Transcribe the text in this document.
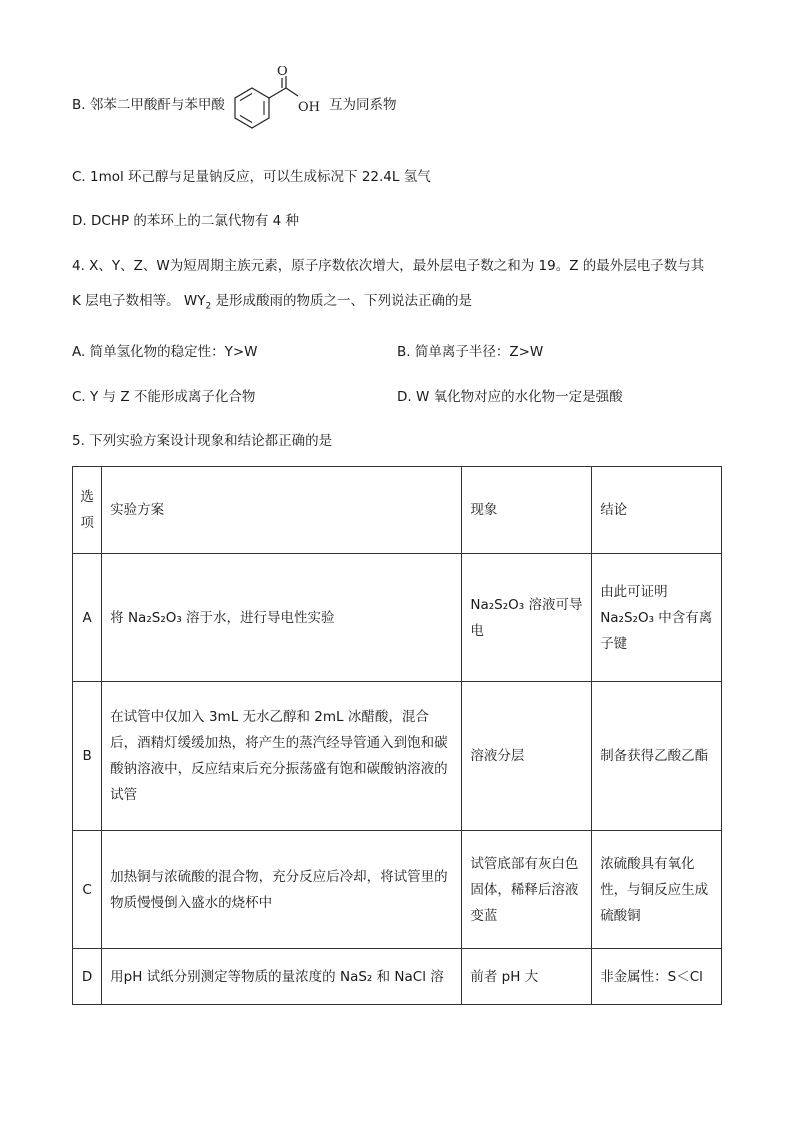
B. 邻苯二甲酸酐与苯甲酸
O
OH 互为同系物
C. 1mol 环己醇与足量钠反应，可以生成标况下 22.4L 氢气
D. DCHP 的苯环上的二氯代物有 4 种
4. X、Y、Z、W为短周期主族元素，原子序数依次增大，最外层电子数之和为 19。Z 的最外层电子数与其
K 层电子数相等。 $WY_2$ 是形成酸雨的物质之一、下列说法正确的是
A. 简单氢化物的稳定性：Y>W	B. 简单离子半径：Z>W
C. Y 与 Z 不能形成离子化合物	D. W 氧化物对应的水化物一定是强酸
5. 下列实验方案设计现象和结论都正确的是
选项	实验方案	现象	结论
A	将 Na₂S₂O₃ 溶于水，进行导电性实验	Na₂S₂O₃ 溶液可导电	由此可证明 Na₂S₂O₃ 中含有离子键
B	在试管中仅加入 3mL 无水乙醇和 2mL 冰醋酸，混合后，酒精灯缓缓加热，将产生的蒸汽经导管通入到饱和碳酸钠溶液中，反应结束后充分振荡盛有饱和碳酸钠溶液的试管	溶液分层	制备获得乙酸乙酯
C	加热铜与浓硫酸的混合物，充分反应后冷却，将试管里的物质慢慢倒入盛水的烧杯中	试管底部有灰白色固体，稀释后溶液变蓝	浓硫酸具有氧化性，与铜反应生成硫酸铜
D	用pH 试纸分别测定等物质的量浓度的 NaS₂ 和 NaCl 溶	前者 pH 大	非金属性：S＜Cl
